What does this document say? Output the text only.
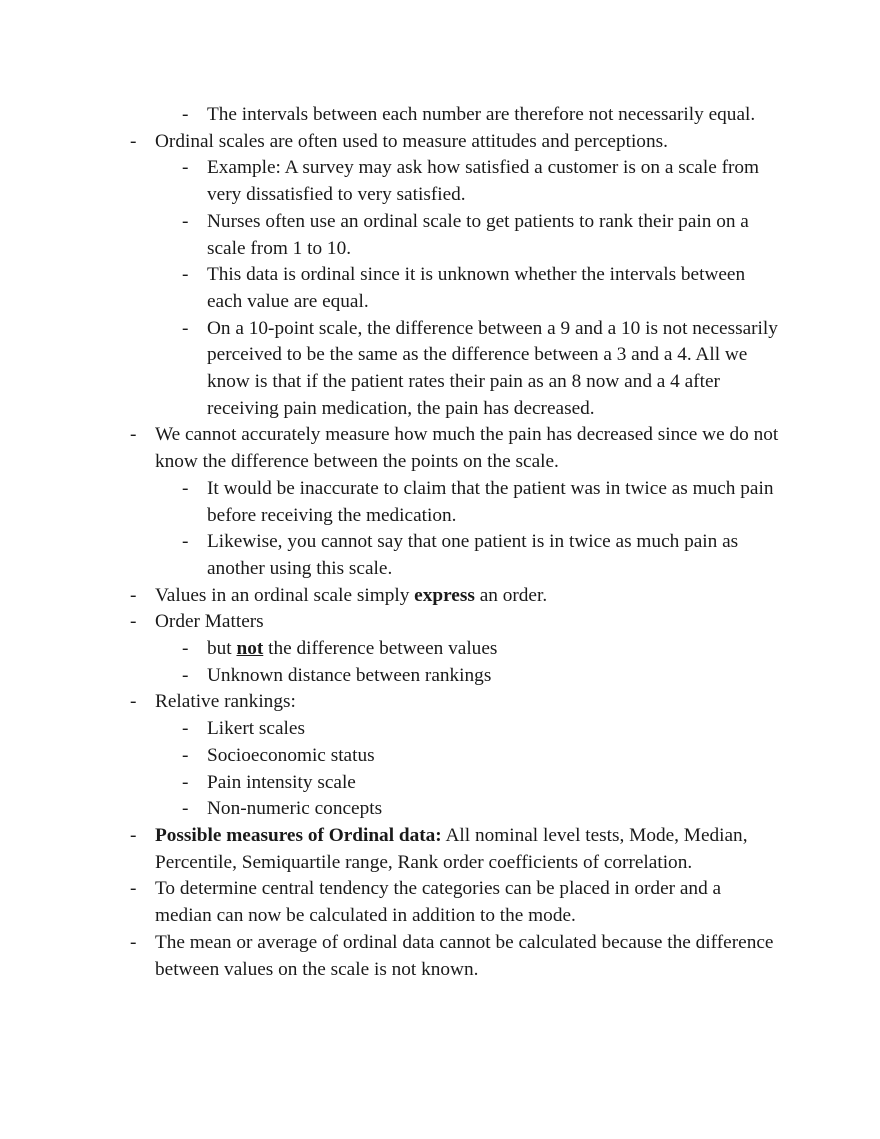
- The intervals between each number are therefore not necessarily equal.
- Ordinal scales are often used to measure attitudes and perceptions.
- Example: A survey may ask how satisfied a customer is on a scale from very dissatisfied to very satisfied.
- Nurses often use an ordinal scale to get patients to rank their pain on a scale from 1 to 10.
- This data is ordinal since it is unknown whether the intervals between each value are equal.
- On a 10-point scale, the difference between a 9 and a 10 is not necessarily perceived to be the same as the difference between a 3 and a 4. All we know is that if the patient rates their pain as an 8 now and a 4 after receiving pain medication, the pain has decreased.
- We cannot accurately measure how much the pain has decreased since we do not know the difference between the points on the scale.
- It would be inaccurate to claim that the patient was in twice as much pain before receiving the medication.
- Likewise, you cannot say that one patient is in twice as much pain as another using this scale.
- Values in an ordinal scale simply express an order.
- Order Matters
- but not the difference between values
- Unknown distance between rankings
- Relative rankings:
- Likert scales
- Socioeconomic status
- Pain intensity scale
- Non-numeric concepts
- Possible measures of Ordinal data: All nominal level tests, Mode, Median, Percentile, Semiquartile range, Rank order coefficients of correlation.
- To determine central tendency the categories can be placed in order and a median can now be calculated in addition to the mode.
- The mean or average of ordinal data cannot be calculated because the difference between values on the scale is not known.
